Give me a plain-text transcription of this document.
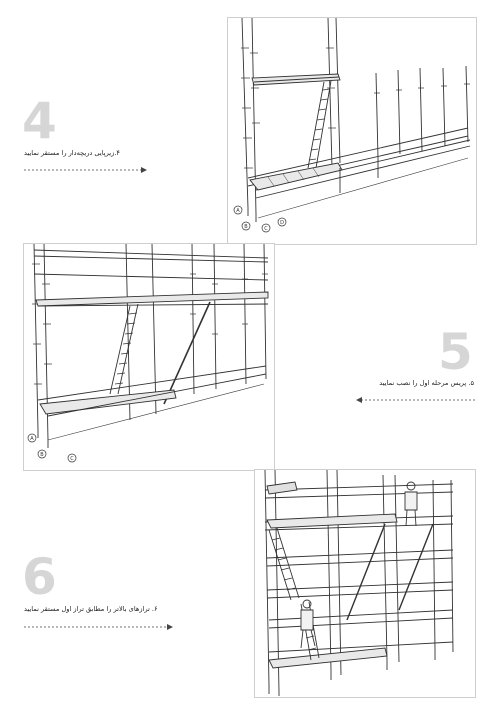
4
۴.زیرپایی دریچه‌دار را مستقر نمایید
A
B	C
D
A
B
C
5
۵. پریس مرحله اول را نصب نمایید
6
۶. ترازهای بالاتر را مطابق تراز اول مستقر نمایید
